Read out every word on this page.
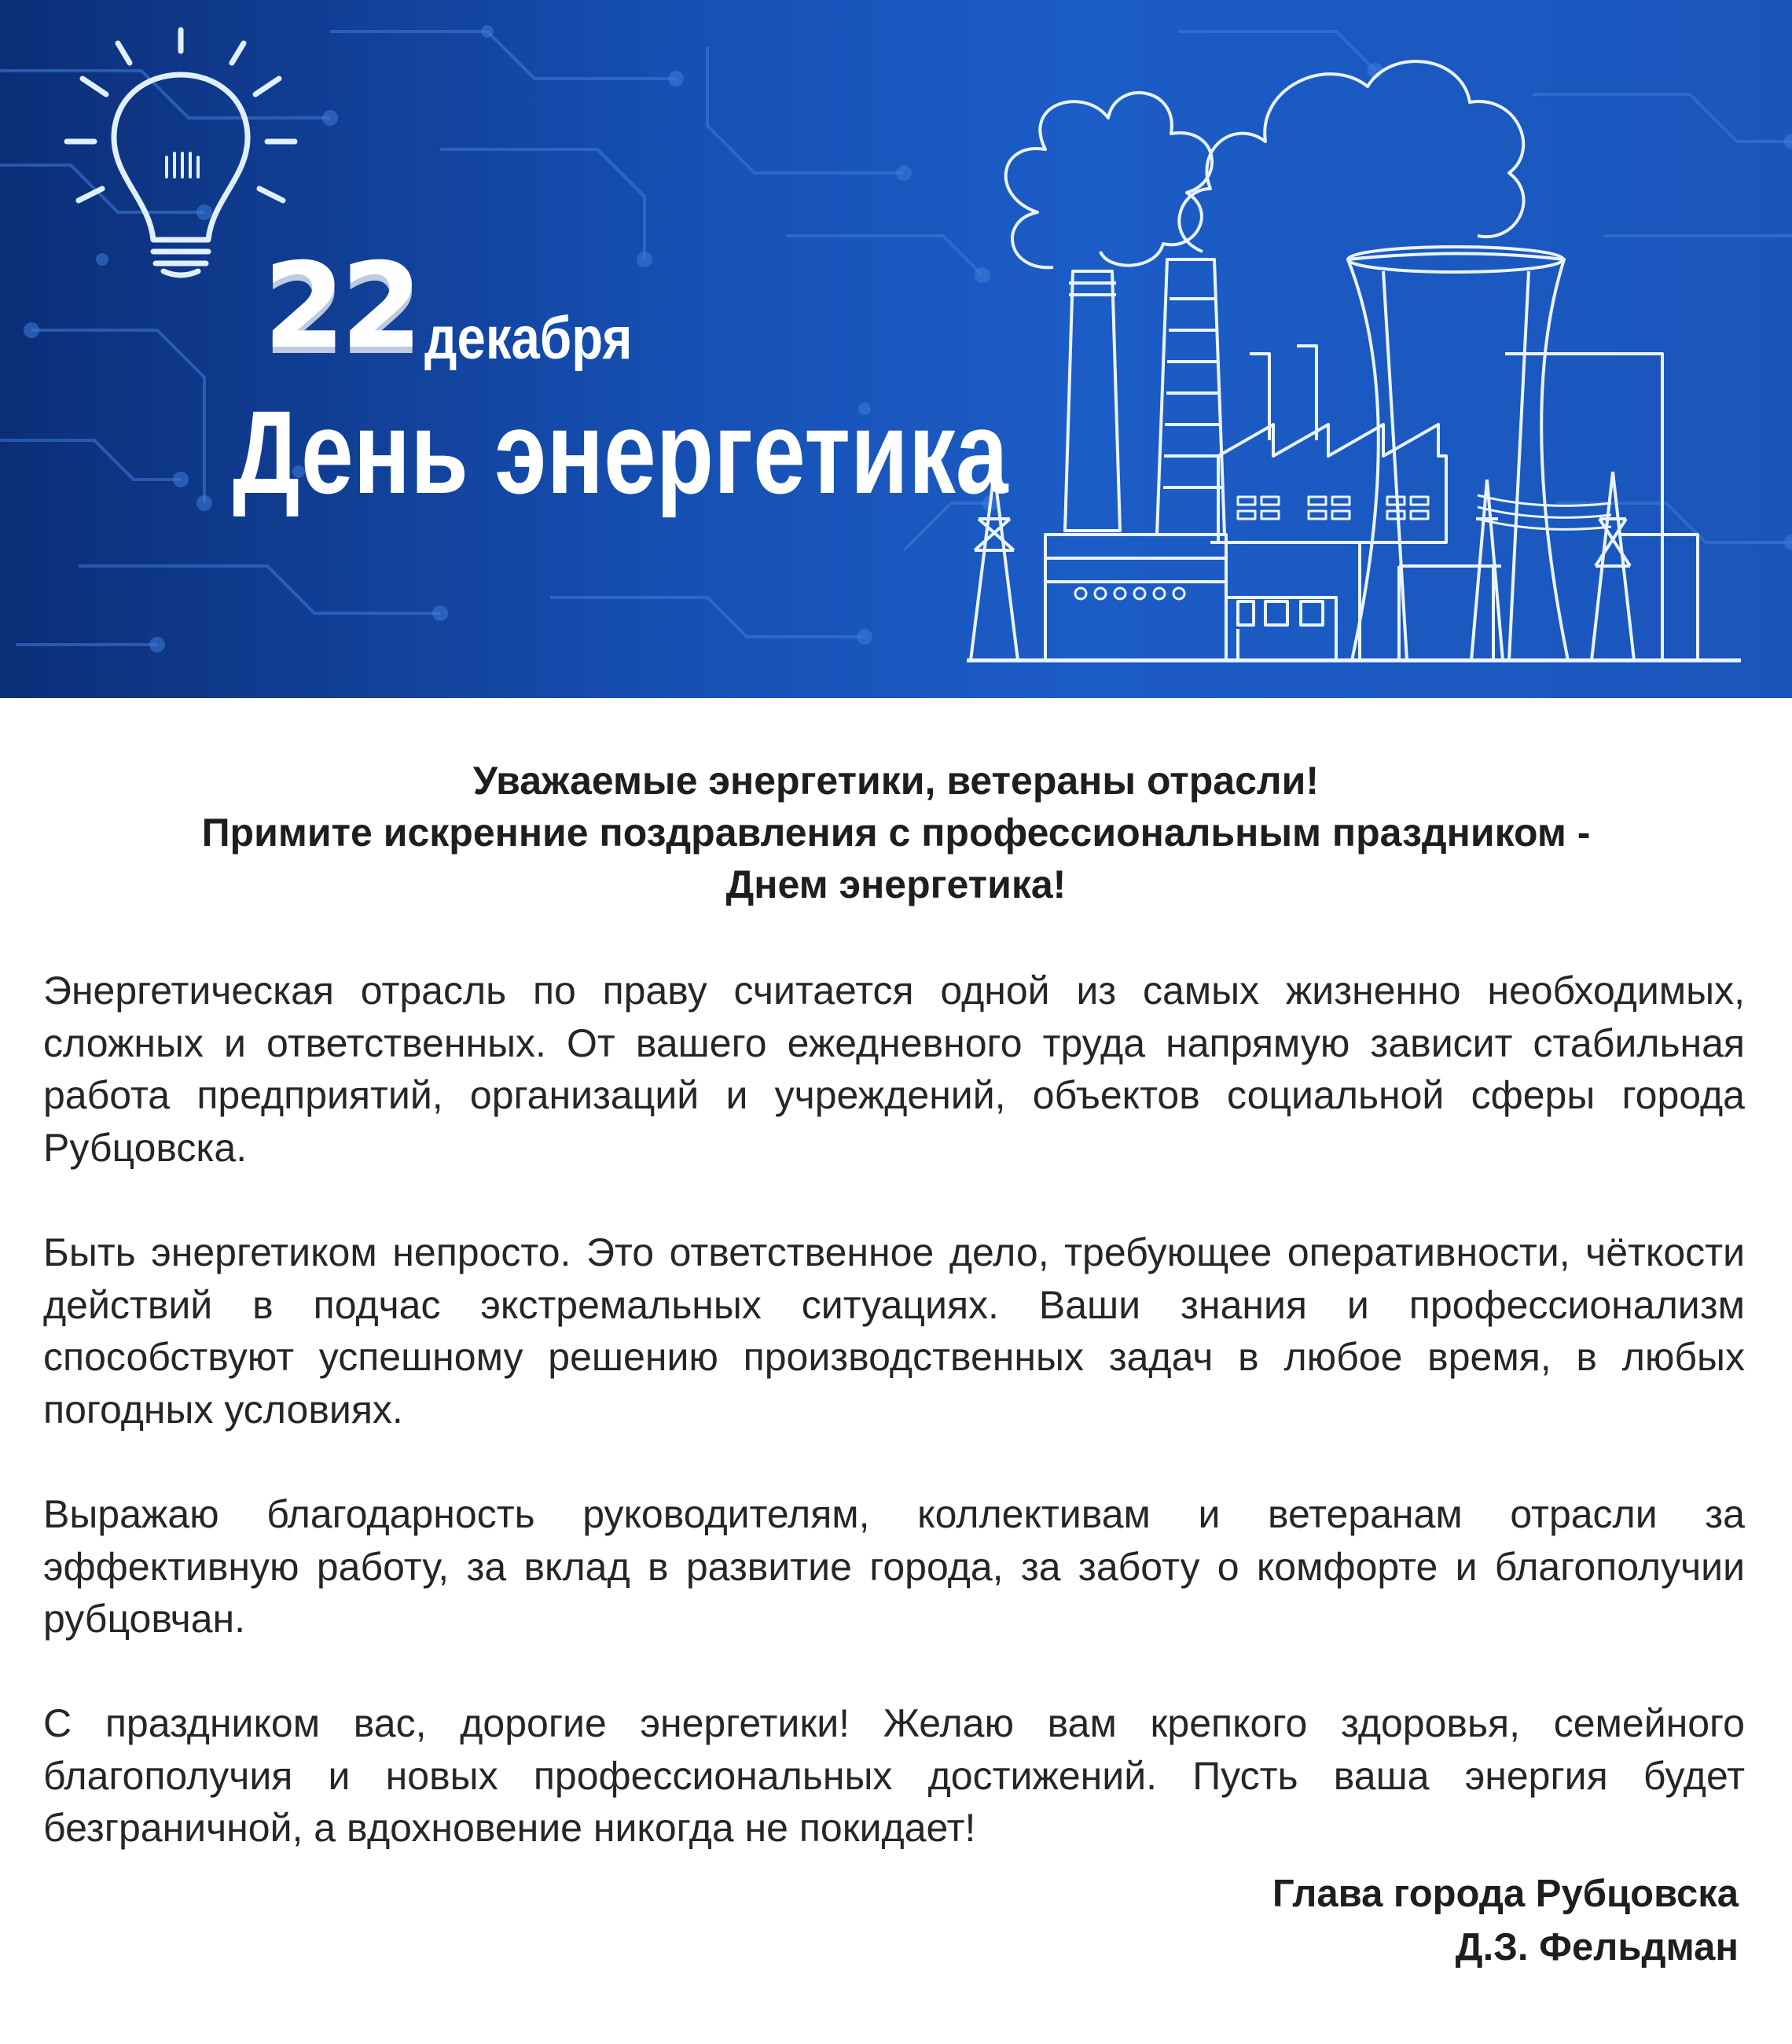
22 декабря
День энергетика
Уважаемые энергетики, ветераны отрасли!
Примите искренние поздравления с профессиональным праздником -
Днем энергетика!

Энергетическая отрасль по праву считается одной из самых жизненно необходимых, сложных и ответственных. От вашего ежедневного труда напрямую зависит стабильная работа предприятий, организаций и учреждений, объектов социальной сферы города Рубцовска.

Быть энергетиком непросто. Это ответственное дело, требующее оперативности, чёткости действий в подчас экстремальных ситуациях. Ваши знания и профессионализм способствуют успешному решению производственных задач в любое время, в любых погодных условиях.

Выражаю благодарность руководителям, коллективам и ветеранам отрасли за эффективную работу, за вклад в развитие города, за заботу о комфорте и благополучии рубцовчан.

С праздником вас, дорогие энергетики! Желаю вам крепкого здоровья, семейного благополучия и новых профессиональных достижений. Пусть ваша энергия будет безграничной, а вдохновение никогда не покидает!

Глава города Рубцовска
Д.З. Фельдман
